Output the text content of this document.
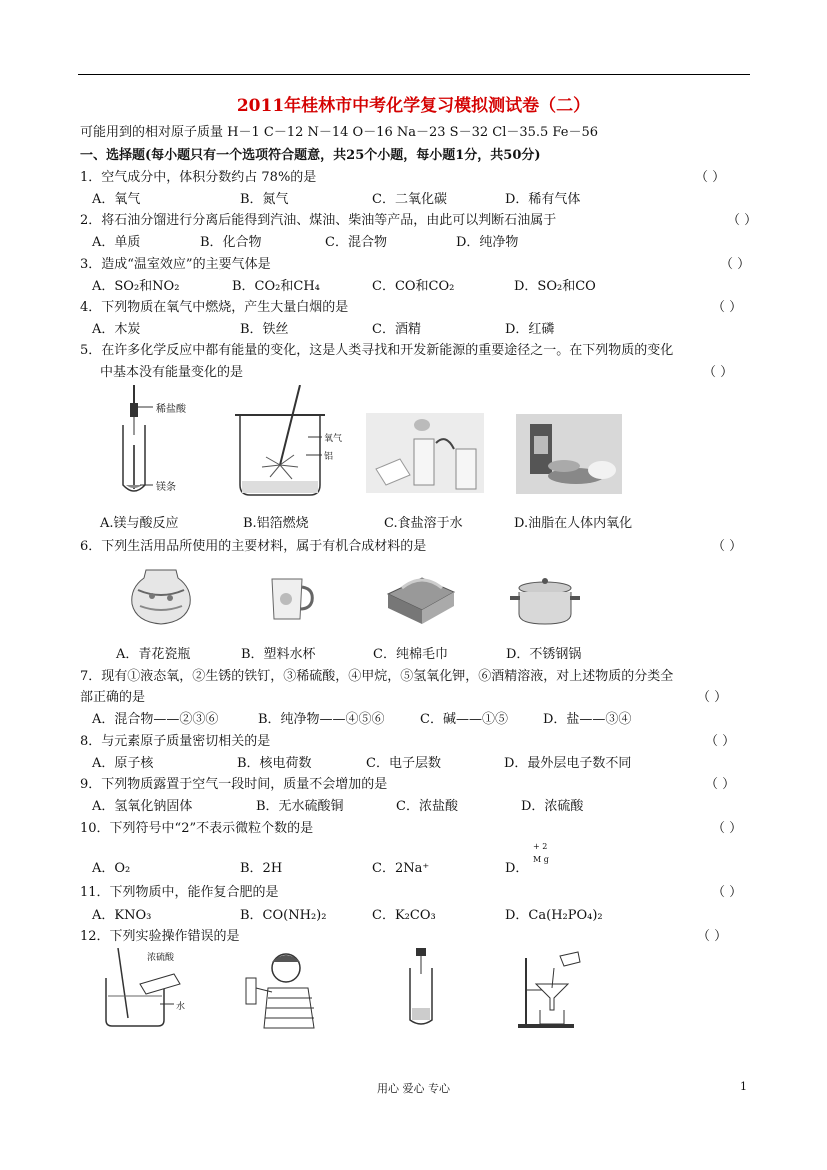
2011年桂林市中考化学复习模拟测试卷（二）
可能用到的相对原子质量 H－1 C－12 N－14 O－16 Na－23 S－32 Cl－35.5 Fe－56
一、选择题(每小题只有一个选项符合题意，共25个小题，每小题1分，共50分)
1．空气成分中，体积分数约占 78%的是	（ ）
A．氧气	B．氮气	C．二氧化碳	D．稀有气体
2．将石油分馏进行分离后能得到汽油、煤油、柴油等产品，由此可以判断石油属于	（ ）
A．单质	B．化合物	C．混合物	D．纯净物
3．造成“温室效应”的主要气体是	（ ）
A．SO₂和NO₂	B．CO₂和CH₄	C．CO和CO₂	D．SO₂和CO
4．下列物质在氧气中燃烧，产生大量白烟的是	（ ）
A．木炭	B．铁丝	C．酒精	D．红磷
5．在许多化学反应中都有能量的变化，这是人类寻找和开发新能源的重要途径之一。在下列物质的变化
中基本没有能量变化的是	（ ）
稀盐酸
镁条
氧气
铝
A.镁与酸反应	B.铝箔燃烧	C.食盐溶于水	D.油脂在人体内氧化
6．下列生活用品所使用的主要材料，属于有机合成材料的是	（ ）
A．青花瓷瓶	B．塑料水杯	C．纯棉毛巾	D．不锈钢锅
7．现有①液态氧，②生锈的铁钉，③稀硫酸，④甲烷，⑤氢氧化钾，⑥酒精溶液，对上述物质的分类全
部正确的是	（ ）
A．混合物——②③⑥	B．纯净物——④⑤⑥	C．碱——①⑤	D．盐——③④
8．与元素原子质量密切相关的是	（ ）
A．原子核	B．核电荷数	C．电子层数	D．最外层电子数不同
9．下列物质露置于空气一段时间，质量不会增加的是	（ ）
A．氢氧化钠固体	B．无水硫酸铜	C．浓盐酸	D．浓硫酸
10．下列符号中“2”不表示微粒个数的是	（ ）
A．O₂	B．2H	C．2Na⁺	D．
+ 2
M g
11．下列物质中，能作复合肥的是	（ ）
A．KNO₃	B．CO(NH₂)₂	C．K₂CO₃	D．Ca(H₂PO₄)₂
12．下列实验操作错误的是	（ ）
浓硫酸
水
用心 爱心 专心	1
